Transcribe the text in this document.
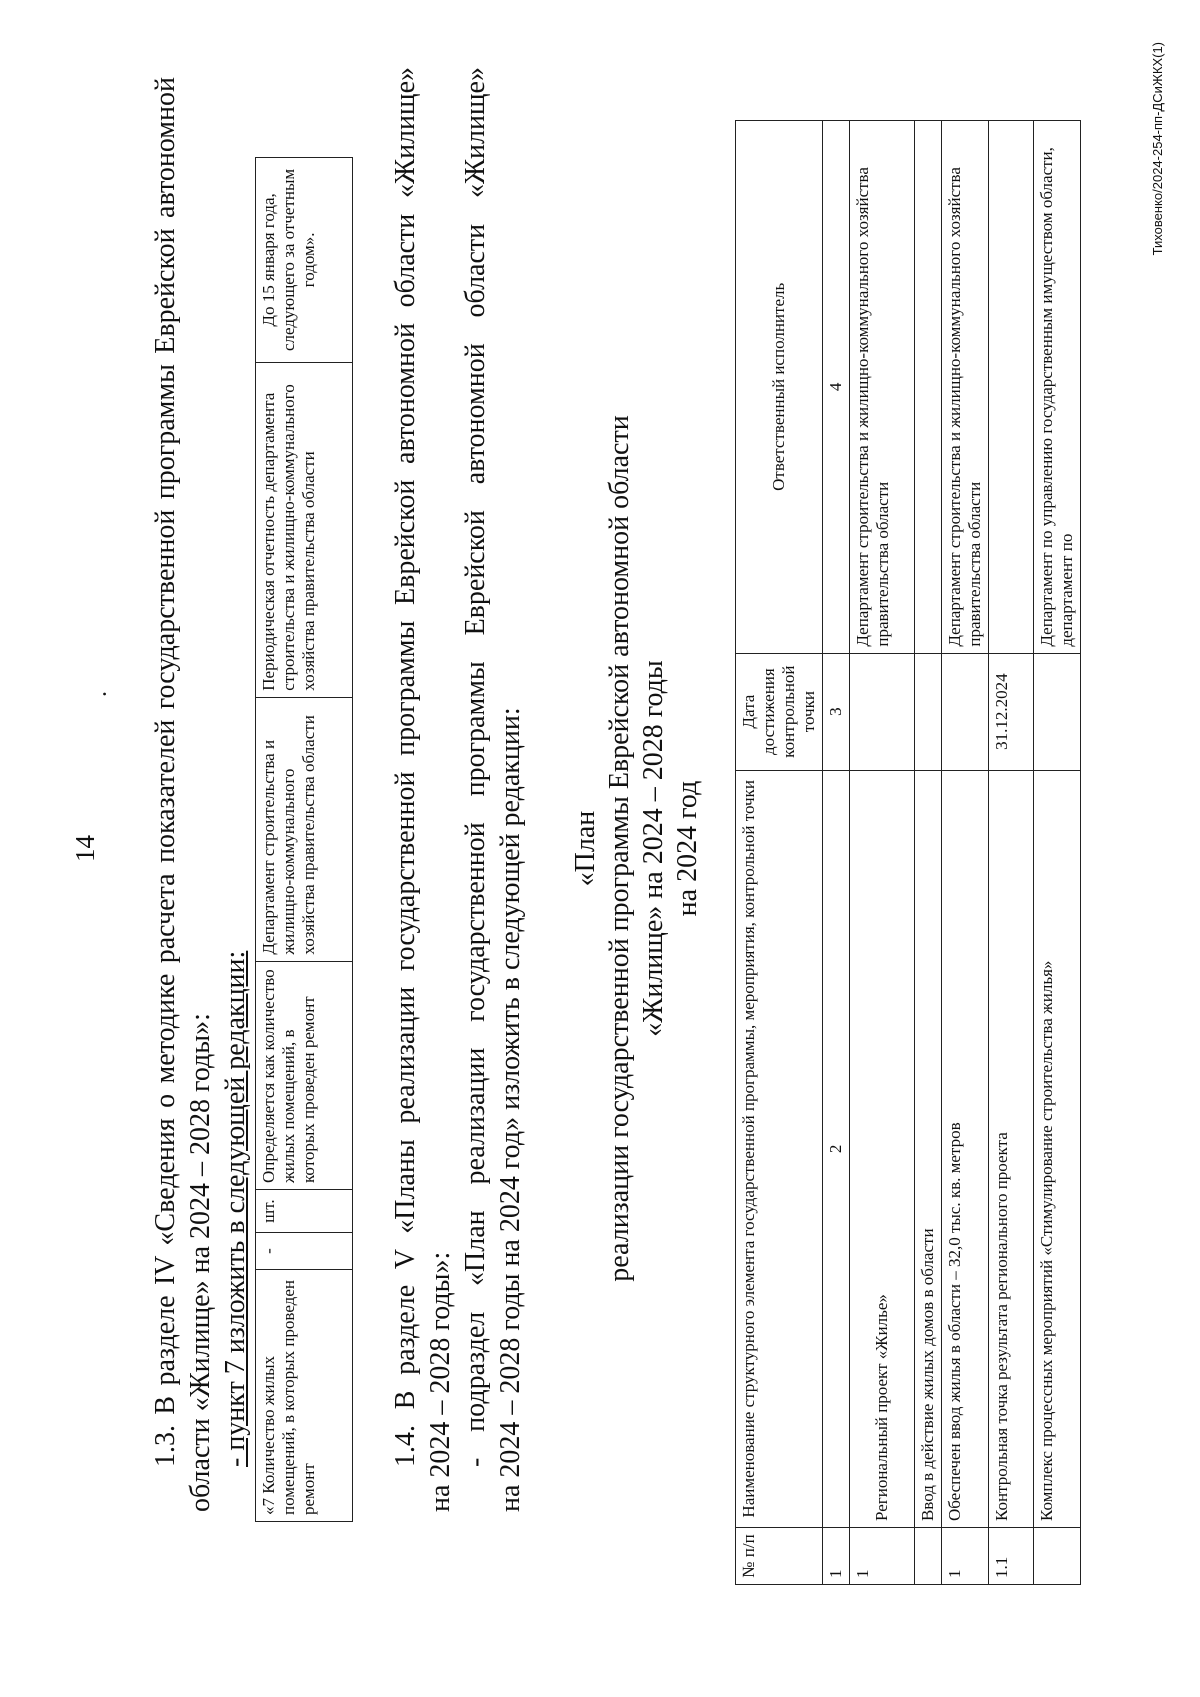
14
. 1.3. В разделе IV «Сведения о методике расчета показателей государственной программы Еврейской автономной области «Жилище» на 2024 – 2028 годы»: - пункт 7 изложить в следующей редакции: «7 Количество жилых помещений, в которых проведен ремонт	-	шт.	Определяется как количество жилых помещений, в которых проведен ремонт	Департамент строительства и жилищно-коммунального хозяйства правительства области	Периодическая отчетность департамента строительства и жилищно-коммунального хозяйства правительства области	До 15 января года, следующего за отчетным годом».	1.4. В разделе V «Планы реализации государственной программы Еврейской автономной области «Жилище» на 2024 – 2028 годы»: - подраздел «План реализации государственной программы Еврейской автономной области «Жилище» на 2024 – 2028 годы на 2024 год» изложить в следующей редакции: «План реализации государственной программы Еврейской автономной области «Жилище» на 2024 – 2028 годы на 2024 год
№ п/п	Наименование структурного элемента государственной программы, мероприятия, контрольной точки	Дата достижения контрольной точки	Ответственный исполнитель
1	2	3	4
1	Региональный проект «Жилье»		Департамент строительства и жилищно-коммунального хозяйства правительства области
	Ввод в действие жилых домов в области		
1	Обеспечен ввод жилья в области – 32,0 тыс. кв. метров		Департамент строительства и жилищно-коммунального хозяйства правительства области
1.1	Контрольная точка результата регионального проекта	31.12.2024	
	Комплекс процессных мероприятий «Стимулирование строительства жилья»		Департамент по управлению государственным имуществом области, департамент по
Тиховенко/2024-254-пп-ДСиЖКХ(1)
